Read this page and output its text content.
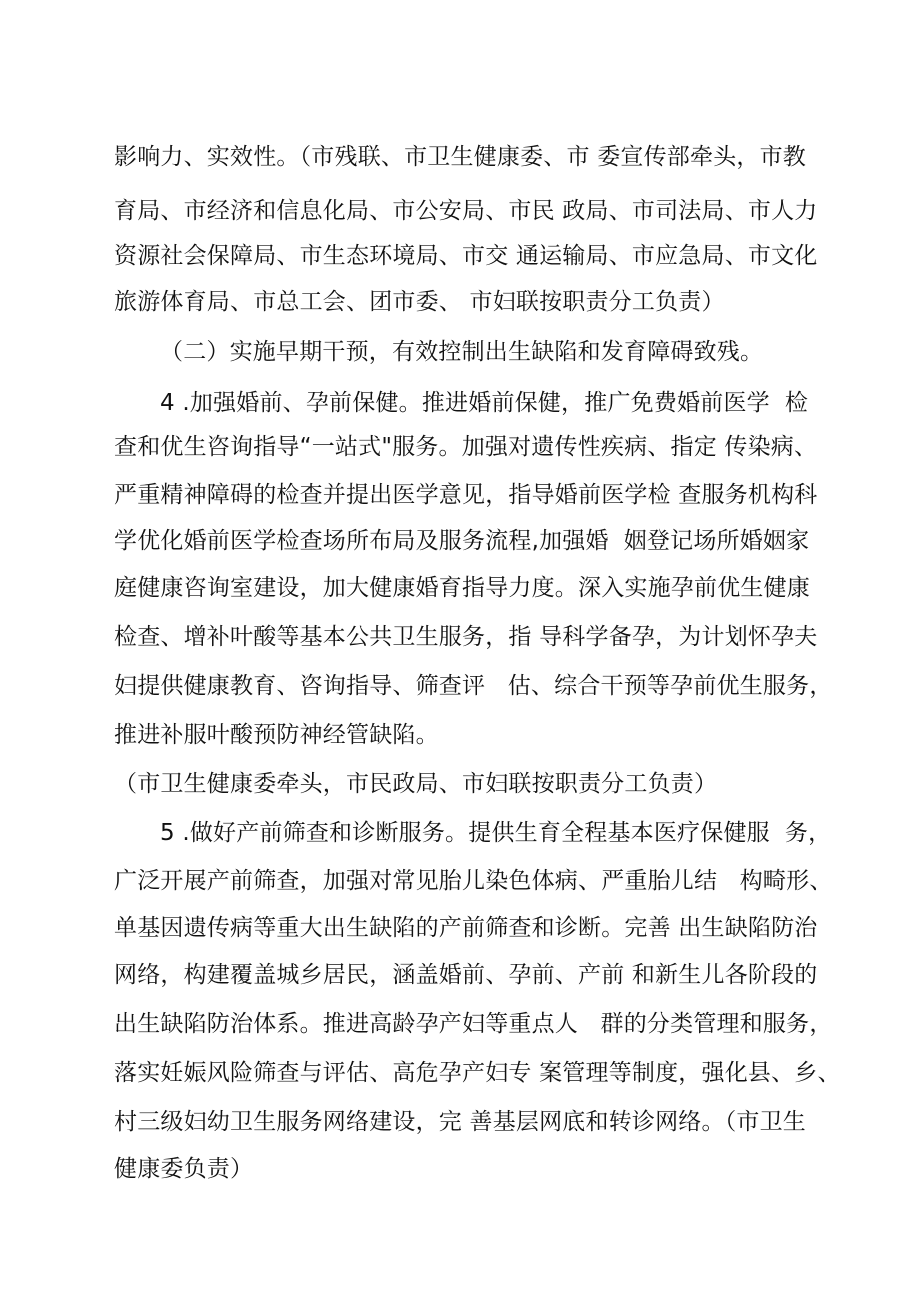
影响力、实效性。（市残联、市卫生健康委、市 委宣传部牵头，市教
育局、市经济和信息化局、市公安局、市民 政局、市司法局、市人力
资源社会保障局、市生态环境局、市交 通运输局、市应急局、市文化
旅游体育局、市总工会、团市委、 市妇联按职责分工负责）
（二）实施早期干预，有效控制出生缺陷和发育障碍致残。
4 .加强婚前、孕前保健。推进婚前保健，推广免费婚前医学  检
查和优生咨询指导“一站式"服务。加强对遗传性疾病、指定 传染病、
严重精神障碍的检查并提出医学意见，指导婚前医学检 查服务机构科
学优化婚前医学检查场所布局及服务流程,加强婚  姻登记场所婚姻家
庭健康咨询室建设，加大健康婚育指导力度。深入实施孕前优生健康
检查、增补叶酸等基本公共卫生服务，指 导科学备孕，为计划怀孕夫
妇提供健康教育、咨询指导、筛查评   估、综合干预等孕前优生服务，
推进补服叶酸预防神经管缺陷。
（市卫生健康委牵头，市民政局、市妇联按职责分工负责）
5 .做好产前筛查和诊断服务。提供生育全程基本医疗保健服  务，
广泛开展产前筛查，加强对常见胎儿染色体病、严重胎儿结   构畸形、
单基因遗传病等重大出生缺陷的产前筛查和诊断。完善 出生缺陷防治
网络，构建覆盖城乡居民，涵盖婚前、孕前、产前 和新生儿各阶段的
出生缺陷防治体系。推进高龄孕产妇等重点人   群的分类管理和服务，
落实妊娠风险筛查与评估、高危孕产妇专 案管理等制度，强化县、乡、
村三级妇幼卫生服务网络建设，完 善基层网底和转诊网络。（市卫生
健康委负责）
